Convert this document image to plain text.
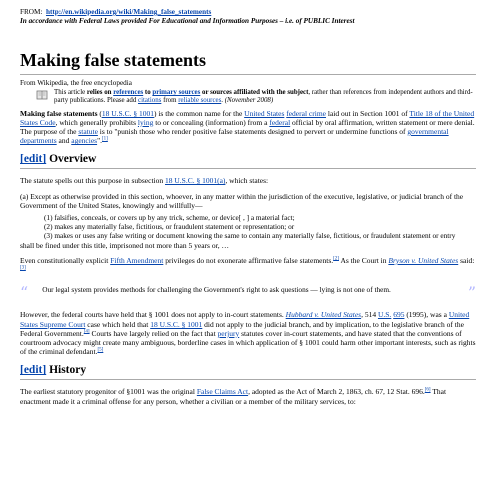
FROM: http://en.wikipedia.org/wiki/Making_false_statements
In accordance with Federal Laws provided For Educational and Information Purposes – i.e. of PUBLIC Interest
Making false statements
From Wikipedia, the free encyclopedia
This article relies on references to primary sources or sources affiliated with the subject, rather than references from independent authors and third-party publications. Please add citations from reliable sources. (November 2008)
Making false statements (18 U.S.C. § 1001) is the common name for the United States federal crime laid out in Section 1001 of Title 18 of the United States Code, which generally prohibits lying to or concealing (information) from a federal official by oral affirmation, written statement or mere denial. The purpose of the statute is to "punish those who render positive false statements designed to pervert or undermine functions of governmental departments and agencies".[1]
[edit] Overview
The statute spells out this purpose in subsection 18 U.S.C. § 1001(a), which states:
(a) Except as otherwise provided in this section, whoever, in any matter within the jurisdiction of the executive, legislative, or judicial branch of the Government of the United States, knowingly and willfully—
(1) falsifies, conceals, or covers up by any trick, scheme, or device[ , ] a material fact;
(2) makes any materially false, fictitious, or fraudulent statement or representation; or
(3) makes or uses any false writing or document knowing the same to contain any materially false, fictitious, or fraudulent statement or entry
shall be fined under this title, imprisoned not more than 5 years or, …
Even constitutionally explicit Fifth Amendment privileges do not exonerate affirmative false statements.[2] As the Court in Bryson v. United States said:[3]
“	Our legal system provides methods for challenging the Government's right to ask questions — lying is not one of them.	”
However, the federal courts have held that § 1001 does not apply to in-court statements. Hubbard v. United States, 514 U.S. 695 (1995), was a United States Supreme Court case which held that 18 U.S.C. § 1001 did not apply to the judicial branch, and by implication, to the legislative branch of the Federal Government.[4] Courts have largely relied on the fact that perjury statutes cover in-court statements, and have stated that the conventions of courtroom advocacy might create many ambiguous, borderline cases in which application of § 1001 could harm other important interests, such as rights of the criminal defendant.[5]
[edit] History
The earliest statutory progenitor of §1001 was the original False Claims Act, adopted as the Act of March 2, 1863, ch. 67, 12 Stat. 696.[6] That enactment made it a criminal offense for any person, whether a civilian or a member of the military services, to:
